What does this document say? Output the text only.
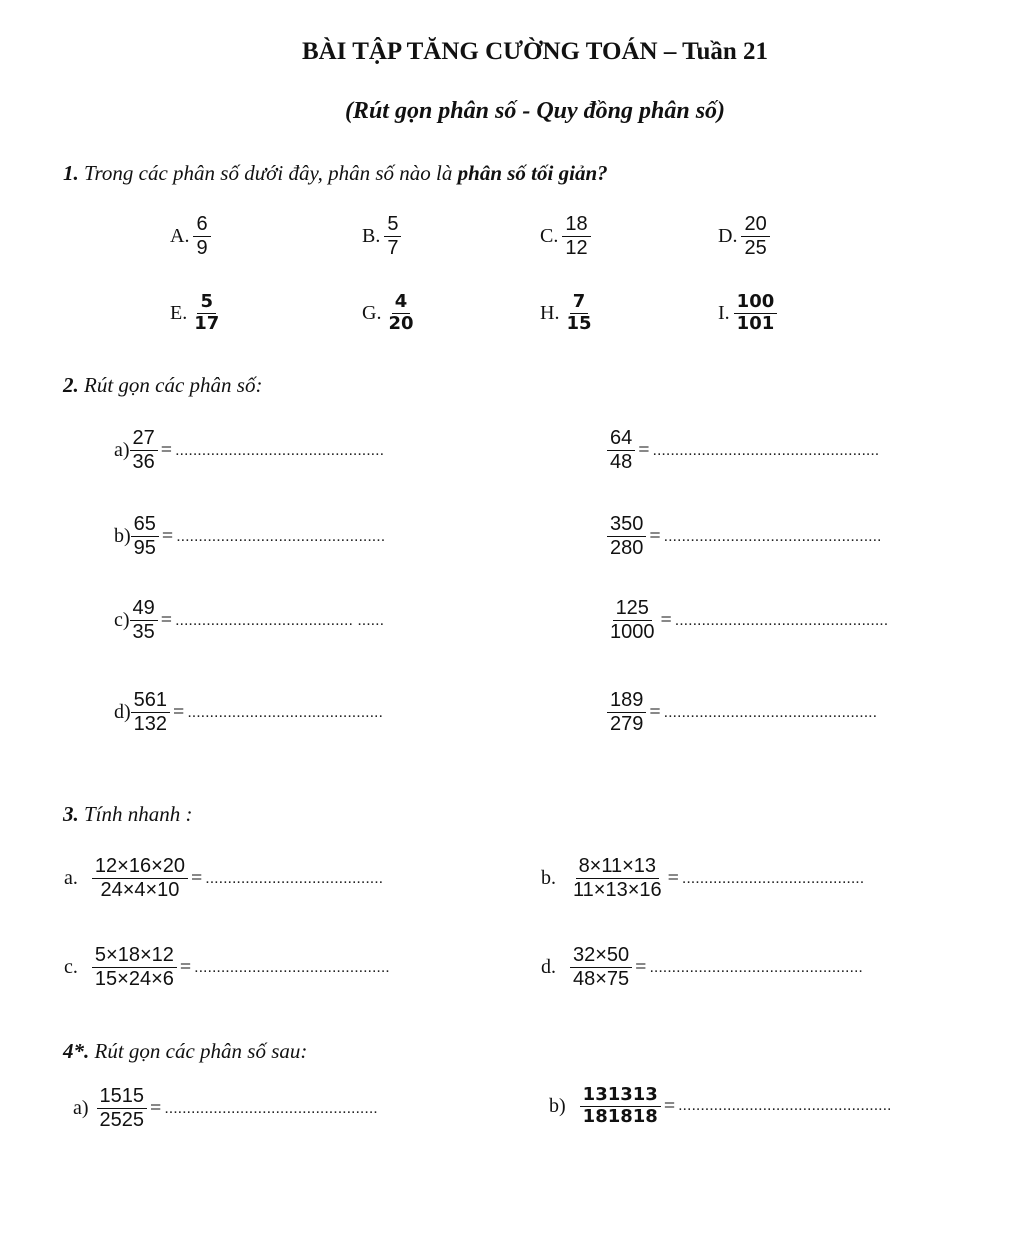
BÀI TẬP TĂNG CƯỜNG TOÁN – Tuần 21
(Rút gọn phân số - Quy đồng phân số)
1. Trong các phân số dưới đây, phân số nào là phân số tối giản?
A. $\frac{6}{9}$	B. $\frac{5}{7}$	C. $\frac{18}{12}$	D. $\frac{20}{25}$
E. $\frac{5}{17}$	G. $\frac{4}{20}$	H. $\frac{7}{15}$	I. $\frac{100}{101}$
2. Rút gọn các phân số:
$a) \frac{27}{36}$ = ...............................................	$\frac{64}{48}$ = ...................................................
$b) \frac{65}{95}$ = ...............................................	$\frac{350}{280}$ = .................................................
$c) \frac{49}{35}$ = ........................................ ......	$\frac{125}{1000}$ = ................................................
$d) \frac{561}{132}$ = ............................................	$\frac{189}{279}$ = ................................................
3. Tính nhanh :
a. $\frac{12\times 16\times 20}{24\times 4\times 10}$ = ........................................	b. $\frac{8\times 11\times 13}{11\times 13\times 16}$ = .........................................
c. $\frac{5\times 18\times 12}{15\times 24\times 6}$ = ............................................	d. $\frac{32\times 50}{48\times 75}$ = ................................................
4*. Rút gọn các phân số sau:
$a) \frac{1515}{2525}$ = ................................................	$b) \frac{131313}{181818}$ = ................................................
